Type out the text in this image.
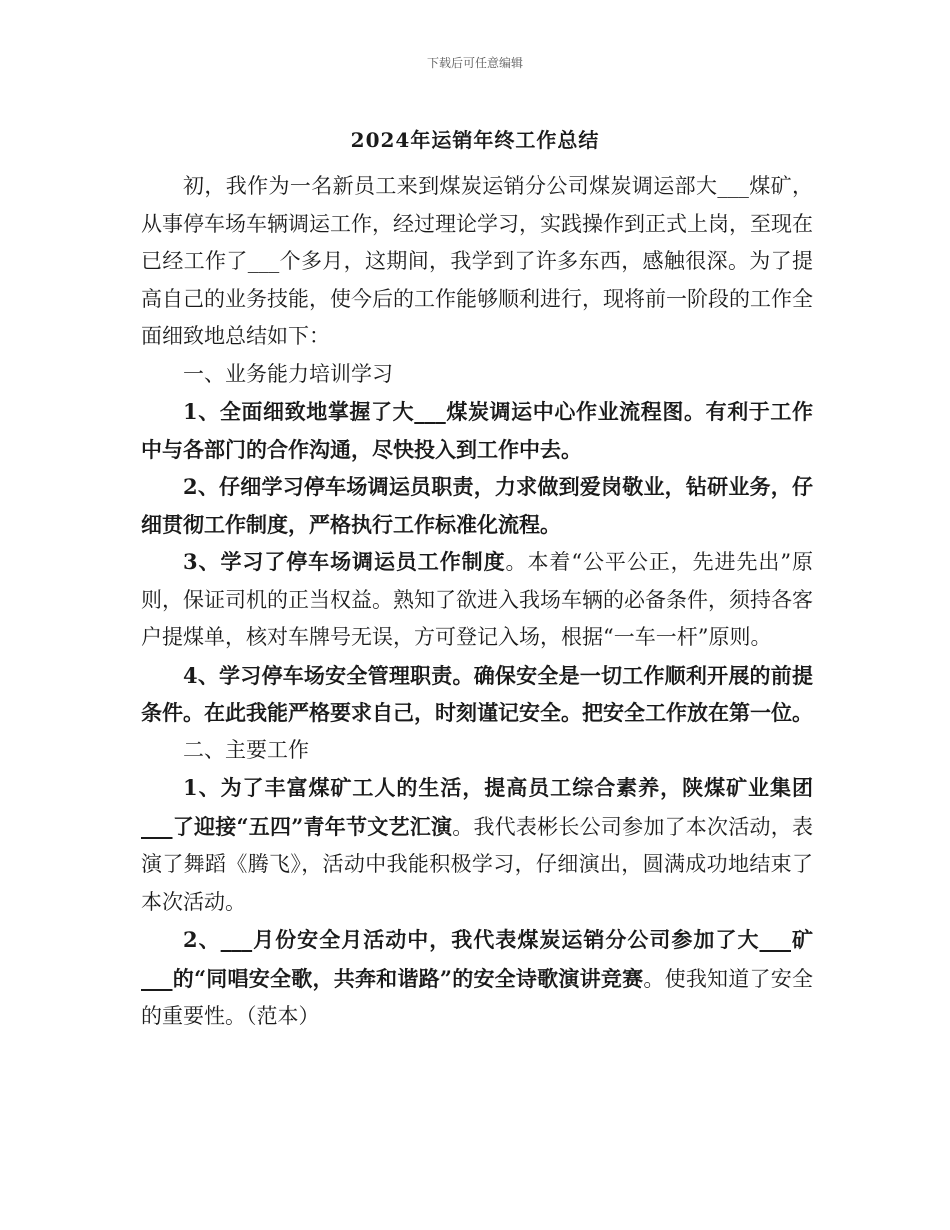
下载后可任意编辑
2024年运销年终工作总结

初，我作为一名新员工来到煤炭运销分公司煤炭调运部大___煤矿，从事停车场车辆调运工作，经过理论学习，实践操作到正式上岗，至现在已经工作了___个多月，这期间，我学到了许多东西，感触很深。为了提高自己的业务技能，使今后的工作能够顺利进行，现将前一阶段的工作全面细致地总结如下：

一、业务能力培训学习

1、全面细致地掌握了大___煤炭调运中心作业流程图。有利于工作中与各部门的合作沟通，尽快投入到工作中去。

2、仔细学习停车场调运员职责，力求做到爱岗敬业，钻研业务，仔细贯彻工作制度，严格执行工作标准化流程。

3、学习了停车场调运员工作制度。本着“公平公正，先进先出”原则，保证司机的正当权益。熟知了欲进入我场车辆的必备条件，须持各客户提煤单，核对车牌号无误，方可登记入场，根据“一车一杆”原则。

4、学习停车场安全管理职责。确保安全是一切工作顺利开展的前提条件。在此我能严格要求自己，时刻谨记安全。把安全工作放在第一位。

二、主要工作

1、为了丰富煤矿工人的生活，提高员工综合素养，陕煤矿业集团___了迎接“五四”青年节文艺汇演。我代表彬长公司参加了本次活动，表演了舞蹈《腾飞》，活动中我能积极学习，仔细演出，圆满成功地结束了本次活动。

2、___月份安全月活动中，我代表煤炭运销分公司参加了大___矿___的“同唱安全歌，共奔和谐路”的安全诗歌演讲竞赛。使我知道了安全的重要性。（范本）
